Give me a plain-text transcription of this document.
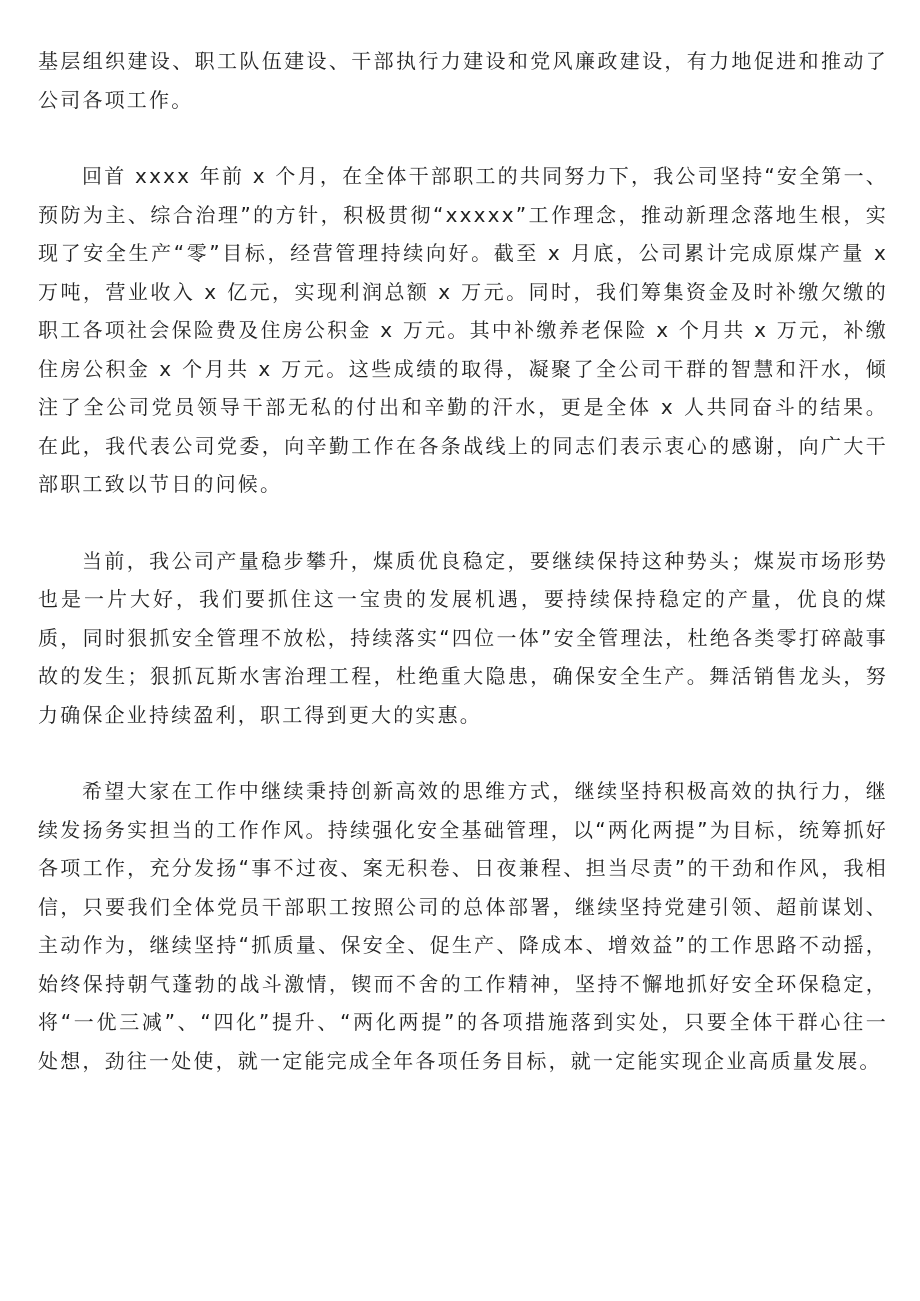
基层组织建设、职工队伍建设、干部执行力建设和党风廉政建设，有力地促进和推动了公司各项工作。

回首 xxxx 年前 x 个月，在全体干部职工的共同努力下，我公司坚持“安全第一、预防为主、综合治理”的方针，积极贯彻“xxxxx”工作理念，推动新理念落地生根，实现了安全生产“零”目标，经营管理持续向好。截至 x 月底，公司累计完成原煤产量 x 万吨，营业收入 x 亿元，实现利润总额 x 万元。同时，我们筹集资金及时补缴欠缴的职工各项社会保险费及住房公积金 x 万元。其中补缴养老保险 x 个月共 x 万元，补缴住房公积金 x 个月共 x 万元。这些成绩的取得，凝聚了全公司干群的智慧和汗水，倾注了全公司党员领导干部无私的付出和辛勤的汗水，更是全体 x 人共同奋斗的结果。在此，我代表公司党委，向辛勤工作在各条战线上的同志们表示衷心的感谢，向广大干部职工致以节日的问候。

当前，我公司产量稳步攀升，煤质优良稳定，要继续保持这种势头；煤炭市场形势也是一片大好，我们要抓住这一宝贵的发展机遇，要持续保持稳定的产量，优良的煤质，同时狠抓安全管理不放松，持续落实“四位一体”安全管理法，杜绝各类零打碎敲事故的发生；狠抓瓦斯水害治理工程，杜绝重大隐患，确保安全生产。舞活销售龙头，努力确保企业持续盈利，职工得到更大的实惠。

希望大家在工作中继续秉持创新高效的思维方式，继续坚持积极高效的执行力，继续发扬务实担当的工作作风。持续强化安全基础管理，以“两化两提”为目标，统筹抓好各项工作，充分发扬“事不过夜、案无积卷、日夜兼程、担当尽责”的干劲和作风，我相信，只要我们全体党员干部职工按照公司的总体部署，继续坚持党建引领、超前谋划、主动作为，继续坚持“抓质量、保安全、促生产、降成本、增效益”的工作思路不动摇，始终保持朝气蓬勃的战斗激情，锲而不舍的工作精神，坚持不懈地抓好安全环保稳定，将“一优三减”、“四化”提升、“两化两提”的各项措施落到实处，只要全体干群心往一处想，劲往一处使，就一定能完成全年各项任务目标，就一定能实现企业高质量发展。
